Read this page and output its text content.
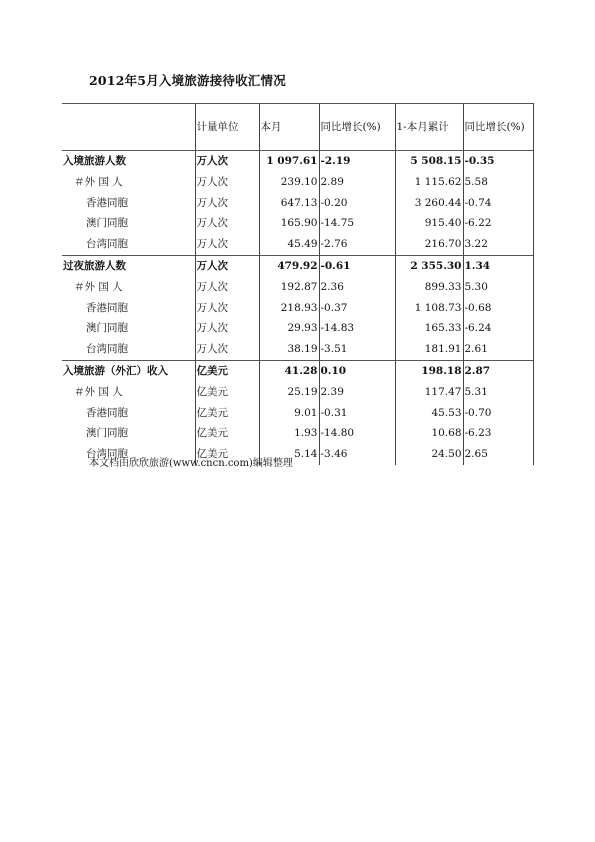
2012年5月入境旅游接待收汇情况
	计量单位	本月	同比增长(%)	1-本月累计	同比增长(%)
入境旅游人数	万人次	1 097.61	-2.19	5 508.15	-0.35
＃外 国 人	万人次	239.10	2.89	1 115.62	5.58
香港同胞	万人次	647.13	-0.20	3 260.44	-0.74
澳门同胞	万人次	165.90	-14.75	915.40	-6.22
台湾同胞	万人次	45.49	-2.76	216.70	3.22
过夜旅游人数	万人次	479.92	-0.61	2 355.30	1.34
＃外 国 人	万人次	192.87	2.36	899.33	5.30
香港同胞	万人次	218.93	-0.37	1 108.73	-0.68
澳门同胞	万人次	29.93	-14.83	165.33	-6.24
台湾同胞	万人次	38.19	-3.51	181.91	2.61
入境旅游（外汇）收入	亿美元	41.28	0.10	198.18	2.87
＃外 国 人	亿美元	25.19	2.39	117.47	5.31
香港同胞	亿美元	9.01	-0.31	45.53	-0.70
澳门同胞	亿美元	1.93	-14.80	10.68	-6.23
台湾同胞	亿美元	5.14	-3.46	24.50	2.65
本文档由欣欣旅游(www.cncn.com)编辑整理
